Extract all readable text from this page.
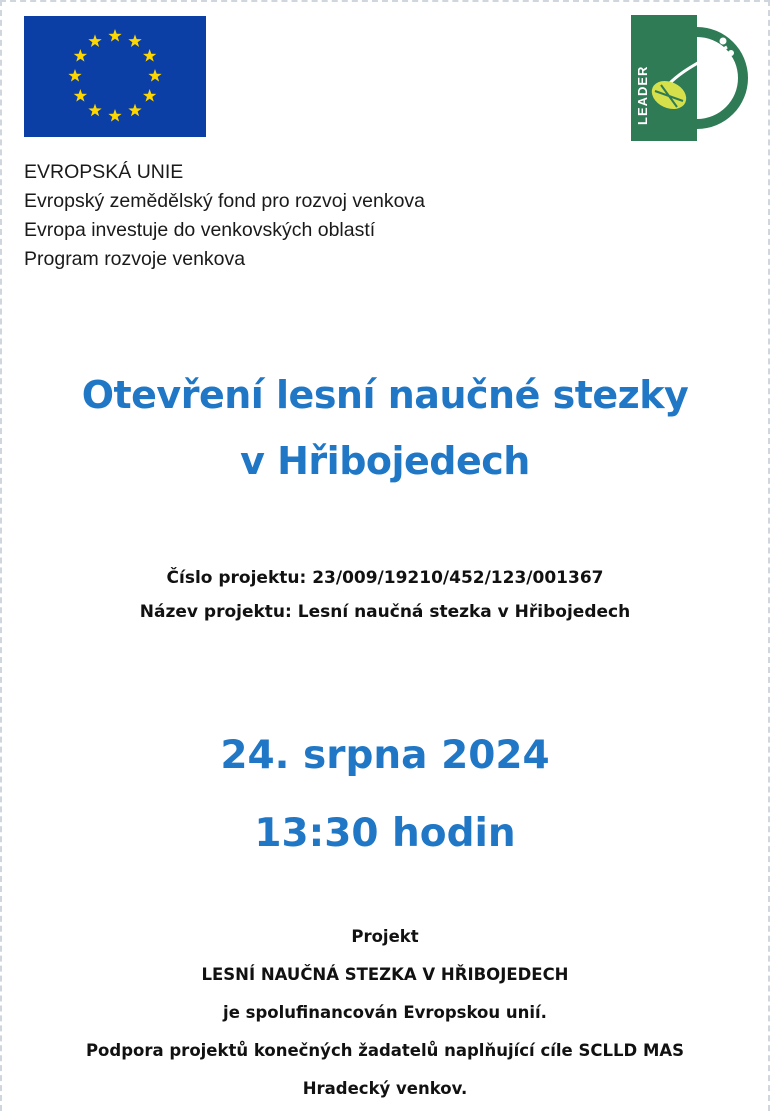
LEADER
EVROPSKÁ UNIE
Evropský zemědělský fond pro rozvoj venkova
Evropa investuje do venkovských oblastí
Program rozvoje venkova
Otevření lesní naučné stezky
v Hřibojedech
Číslo projektu: 23/009/19210/452/123/001367
Název projektu: Lesní naučná stezka v Hřibojedech
24. srpna 2024
13:30 hodin
Projekt
LESNÍ NAUČNÁ STEZKA V HŘIBOJEDECH
je spolufinancován Evropskou unií.
Podpora projektů konečných žadatelů naplňující cíle SCLLD MAS
Hradecký venkov.
